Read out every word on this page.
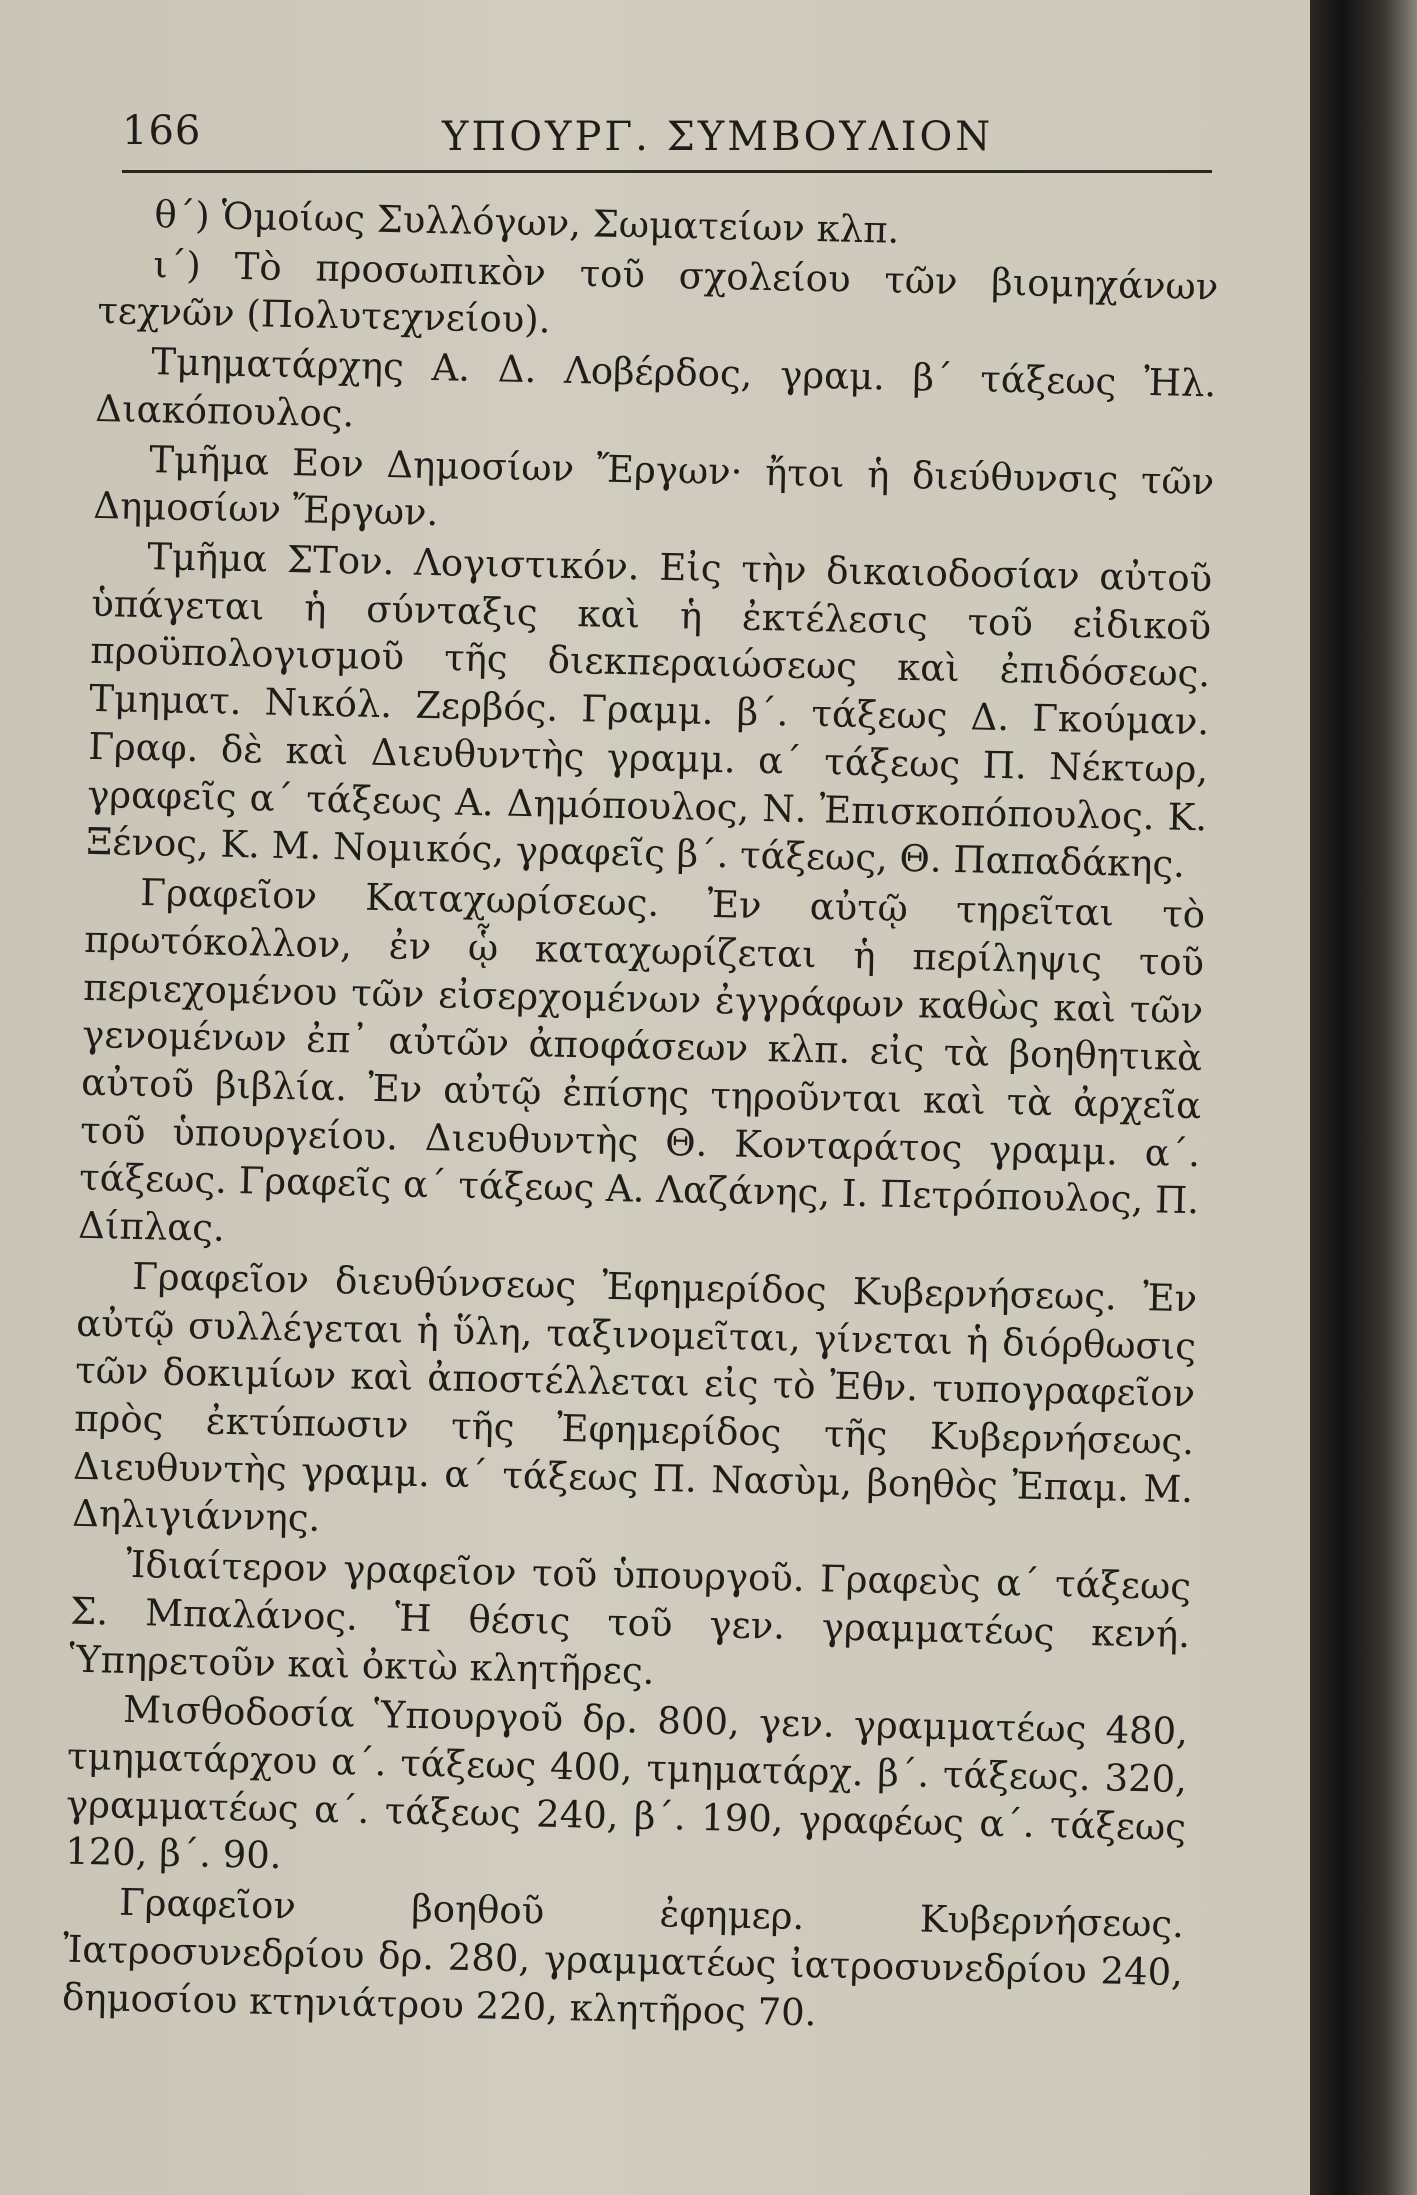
166	ΥΠΟΥΡΓ. ΣΥΜΒΟΥΛΙΟΝ

θ΄) Ὁμοίως Συλλόγων, Σωματείων κλπ.

ι΄) Τὸ προσωπικὸν τοῦ σχολείου τῶν βιομηχάνων τεχνῶν (Πολυτεχνείου).

Τμηματάρχης Α. Δ. Λοβέρδος, γραμ. β΄ τάξεως Ἠλ. Διακόπουλος.

Τμῆμα Εον Δημοσίων Ἔργων· ἤτοι ἡ διεύθυνσις τῶν Δημοσίων Ἔργων.

Τμῆμα ΣΤον. Λογιστικόν. Εἰς τὴν δικαιοδοσίαν αὐτοῦ ὑπάγεται ἡ σύνταξις καὶ ἡ ἐκτέλεσις τοῦ εἰδικοῦ προϋπολογισμοῦ τῆς διεκπεραιώσεως καὶ ἐπιδόσεως. Τμηματ. Νικόλ. Ζερβός. Γραμμ. β΄. τάξεως Δ. Γκούμαν. Γραφ. δὲ καὶ Διευθυντὴς γραμμ. α΄ τάξεως Π. Νέκτωρ, γραφεῖς α΄ τάξεως Α. Δημόπουλος, Ν. Ἐπισκοπόπουλος. Κ. Ξένος, Κ. Μ. Νομικός, γραφεῖς β΄. τάξεως, Θ. Παπαδάκης.

Γραφεῖον Καταχωρίσεως. Ἐν αὐτῷ τηρεῖται τὸ πρωτόκολλον, ἐν ᾧ καταχωρίζεται ἡ περίληψις τοῦ περιεχομένου τῶν εἰσερχομένων ἐγγράφων καθὼς καὶ τῶν γενομένων ἐπ᾽ αὐτῶν ἀποφάσεων κλπ. εἰς τὰ βοηθητικὰ αὐτοῦ βιβλία. Ἐν αὐτῷ ἐπίσης τηροῦνται καὶ τὰ ἀρχεῖα τοῦ ὑπουργείου. Διευθυντὴς Θ. Κονταράτος γραμμ. α΄. τάξεως. Γραφεῖς α΄ τάξεως Α. Λαζάνης, Ι. Πετρόπουλος, Π. Δίπλας.

Γραφεῖον διευθύνσεως Ἐφημερίδος Κυβερνήσεως. Ἐν αὐτῷ συλλέγεται ἡ ὕλη, ταξινομεῖται, γίνεται ἡ διόρθωσις τῶν δοκιμίων καὶ ἀποστέλλεται εἰς τὸ Ἐθν. τυπογραφεῖον πρὸς ἐκτύπωσιν τῆς Ἐφημερίδος τῆς Κυβερνήσεως. Διευθυντὴς γραμμ. α΄ τάξεως Π. Νασὺμ, βοηθὸς Ἐπαμ. Μ. Δηλιγιάννης.

Ἰδιαίτερον γραφεῖον τοῦ ὑπουργοῦ. Γραφεὺς α΄ τάξεως Σ. Μπαλάνος. Ἡ θέσις τοῦ γεν. γραμματέως κενή. Ὑπηρετοῦν καὶ ὀκτὼ κλητῆρες.

Μισθοδοσία Ὑπουργοῦ δρ. 800, γεν. γραμματέως 480, τμηματάρχου α΄. τάξεως 400, τμηματάρχ. β΄. τάξεως. 320, γραμματέως α΄. τάξεως 240, β΄. 190, γραφέως α΄. τάξεως 120, β΄. 90.

Γραφεῖον βοηθοῦ ἐφημερ. Κυβερνήσεως. Ἰατροσυνεδρίου δρ. 280, γραμματέως ἰατροσυνεδρίου 240, δημοσίου κτηνιάτρου 220, κλητῆρος 70.
